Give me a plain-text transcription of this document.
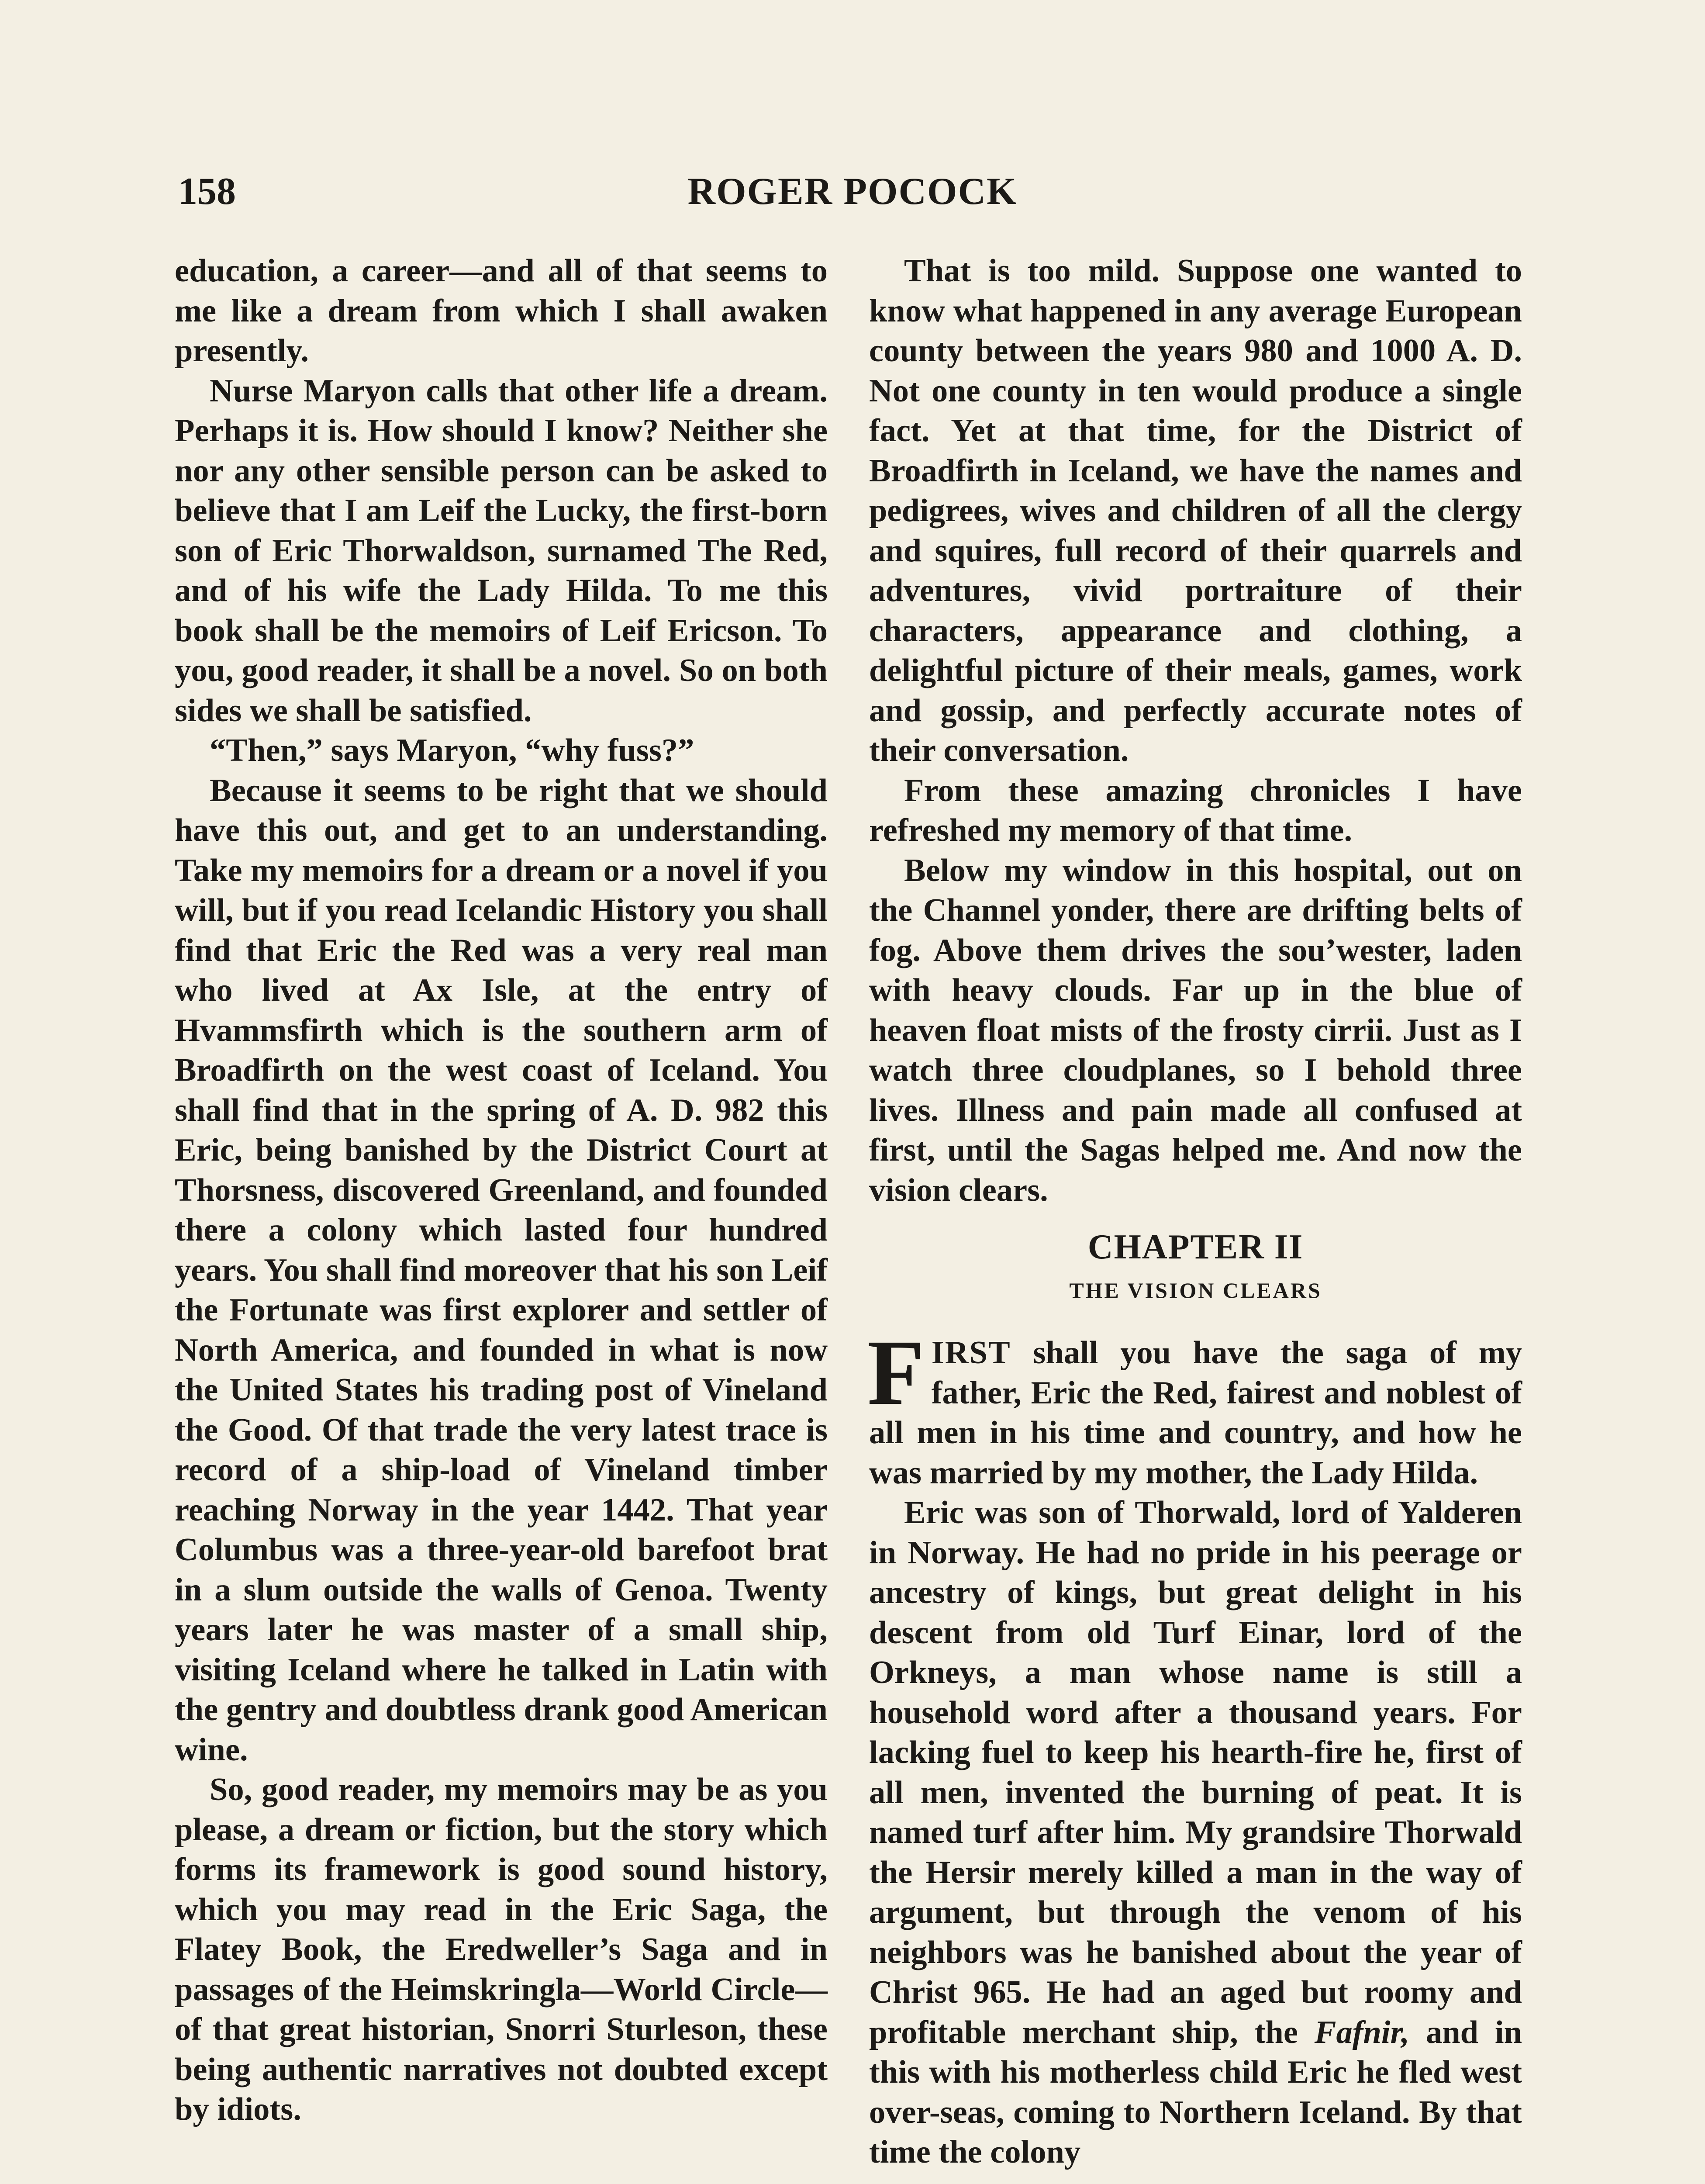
158	ROGER POCOCK

education, a career—and all of that seems to me like a dream from which I shall awaken presently.

Nurse Maryon calls that other life a dream. Perhaps it is. How should I know? Neither she nor any other sensible person can be asked to believe that I am Leif the Lucky, the first-born son of Eric Thorwaldson, surnamed The Red, and of his wife the Lady Hilda. To me this book shall be the memoirs of Leif Ericson. To you, good reader, it shall be a novel. So on both sides we shall be satisfied.

“Then,” says Maryon, “why fuss?”

Because it seems to be right that we should have this out, and get to an understanding. Take my memoirs for a dream or a novel if you will, but if you read Icelandic History you shall find that Eric the Red was a very real man who lived at Ax Isle, at the entry of Hvammsfirth which is the southern arm of Broadfirth on the west coast of Iceland. You shall find that in the spring of A. D. 982 this Eric, being banished by the District Court at Thorsness, discovered Greenland, and founded there a colony which lasted four hundred years. You shall find moreover that his son Leif the Fortunate was first explorer and settler of North America, and founded in what is now the United States his trading post of Vineland the Good. Of that trade the very latest trace is record of a ship-load of Vineland timber reaching Norway in the year 1442. That year Columbus was a three-year-old barefoot brat in a slum outside the walls of Genoa. Twenty years later he was master of a small ship, visiting Iceland where he talked in Latin with the gentry and doubtless drank good American wine.

So, good reader, my memoirs may be as you please, a dream or fiction, but the story which forms its framework is good sound history, which you may read in the Eric Saga, the Flatey Book, the Eredweller’s Saga and in passages of the Heimskringla—World Circle—of that great historian, Snorri Sturleson, these being authentic narratives not doubted except by idiots.

That is too mild. Suppose one wanted to know what happened in any average European county between the years 980 and 1000 A. D. Not one county in ten would produce a single fact. Yet at that time, for the District of Broadfirth in Iceland, we have the names and pedigrees, wives and children of all the clergy and squires, full record of their quarrels and adventures, vivid portraiture of their characters, appearance and clothing, a delightful picture of their meals, games, work and gossip, and perfectly accurate notes of their conversation.

From these amazing chronicles I have refreshed my memory of that time.

Below my window in this hospital, out on the Channel yonder, there are drifting belts of fog. Above them drives the sou’wester, laden with heavy clouds. Far up in the blue of heaven float mists of the frosty cirrii. Just as I watch three cloudplanes, so I behold three lives. Illness and pain made all confused at first, until the Sagas helped me. And now the vision clears.

CHAPTER II
THE VISION CLEARS

FIRST shall you have the saga of my father, Eric the Red, fairest and noblest of all men in his time and country, and how he was married by my mother, the Lady Hilda.

Eric was son of Thorwald, lord of Yalderen in Norway. He had no pride in his peerage or ancestry of kings, but great delight in his descent from old Turf Einar, lord of the Orkneys, a man whose name is still a household word after a thousand years. For lacking fuel to keep his hearth-fire he, first of all men, invented the burning of peat. It is named turf after him. My grandsire Thorwald the Hersir merely killed a man in the way of argument, but through the venom of his neighbors was he banished about the year of Christ 965. He had an aged but roomy and profitable merchant ship, the Fafnir, and in this with his motherless child Eric he fled west over-seas, coming to Northern Iceland. By that time the colony
